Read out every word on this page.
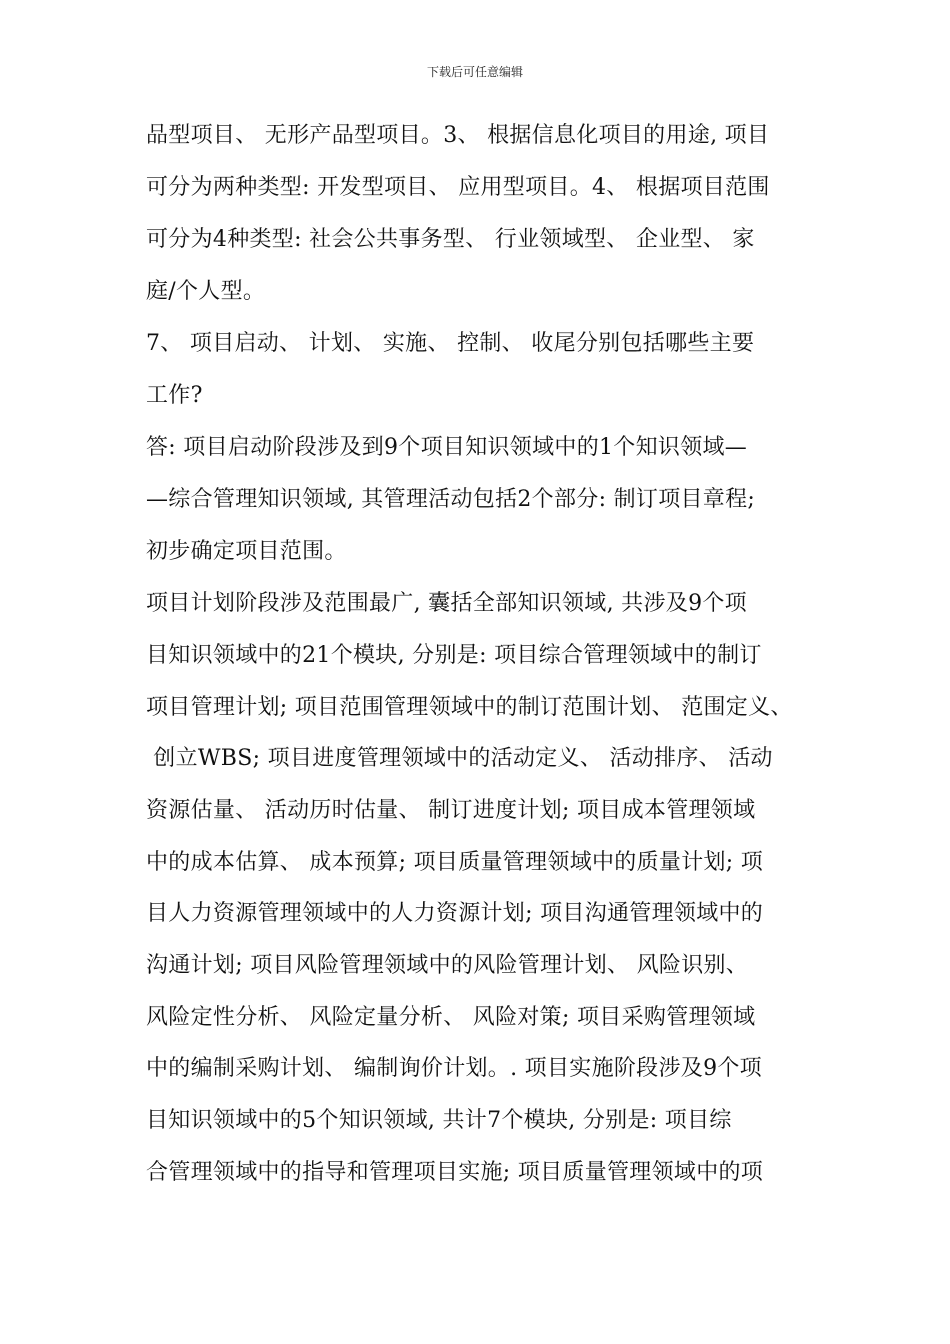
下载后可任意编辑
品型项目、 无形产品型项目。3、 根据信息化项目的用途, 项目
可分为两种类型: 开发型项目、 应用型项目。4、 根据项目范围
可分为4种类型: 社会公共事务型、 行业领域型、 企业型、 家
庭/个人型。
7、 项目启动、 计划、 实施、 控制、 收尾分别包括哪些主要
工作?
答: 项目启动阶段涉及到9个项目知识领域中的1个知识领域—
—综合管理知识领域, 其管理活动包括2个部分: 制订项目章程;
初步确定项目范围。
项目计划阶段涉及范围最广, 囊括全部知识领域, 共涉及9个项
目知识领域中的21个模块, 分别是: 项目综合管理领域中的制订
项目管理计划; 项目范围管理领域中的制订范围计划、 范围定义、
创立WBS; 项目进度管理领域中的活动定义、 活动排序、 活动
资源估量、 活动历时估量、 制订进度计划; 项目成本管理领域
中的成本估算、 成本预算; 项目质量管理领域中的质量计划; 项
目人力资源管理领域中的人力资源计划; 项目沟通管理领域中的
沟通计划; 项目风险管理领域中的风险管理计划、 风险识别、
风险定性分析、 风险定量分析、 风险对策; 项目采购管理领域
中的编制采购计划、 编制询价计划。. 项目实施阶段涉及9个项
目知识领域中的5个知识领域, 共计7个模块, 分别是: 项目综
合管理领域中的指导和管理项目实施; 项目质量管理领域中的项
